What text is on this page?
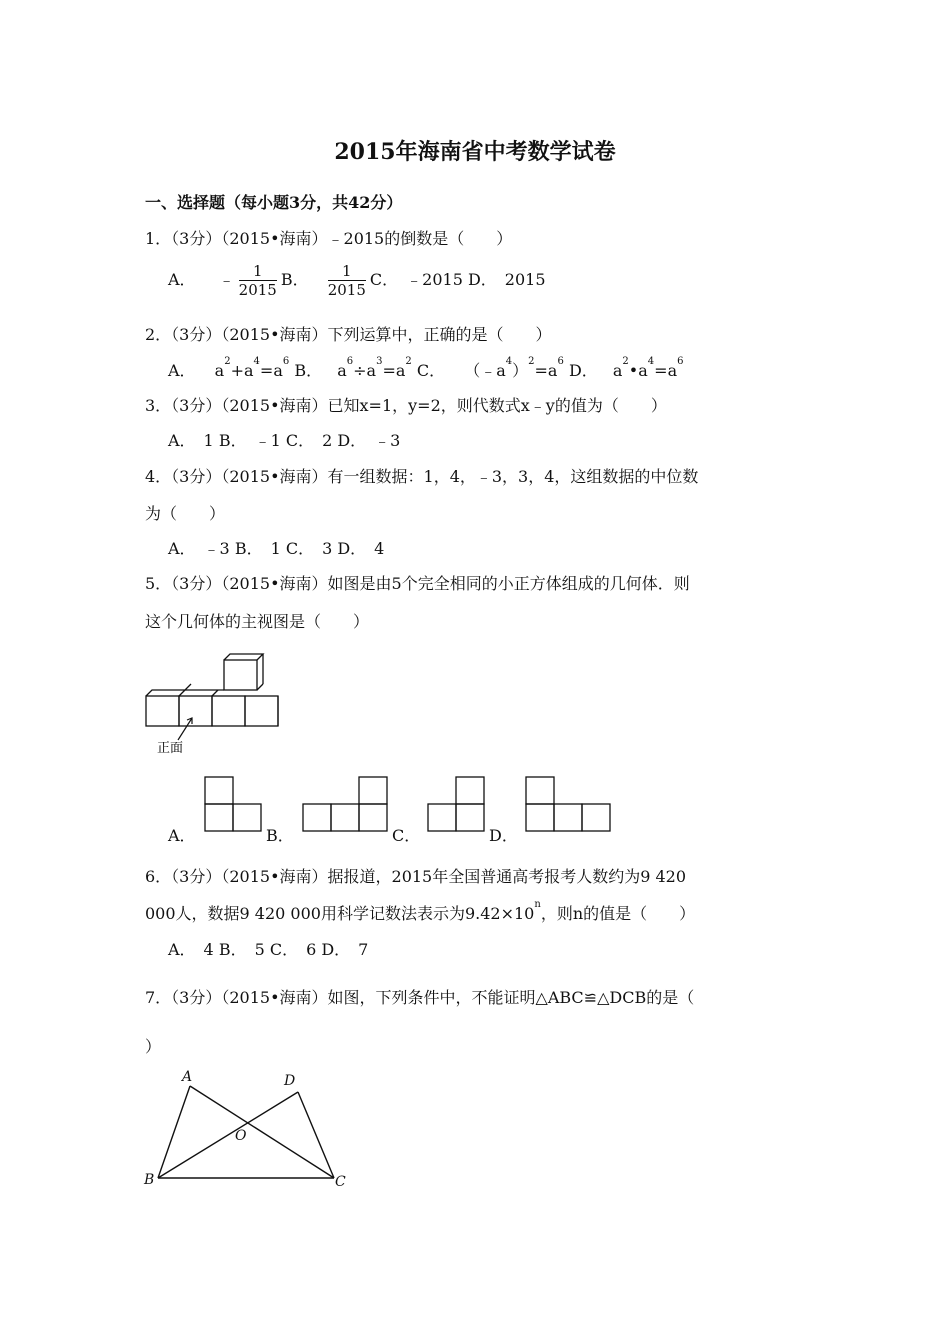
2015年海南省中考数学试卷
一、选择题（每小题3分，共42分）
1．（3分）（2015•海南）﹣2015的倒数是（　　）
A． ﹣ $\frac{1}{2015}$ B． $\frac{1}{2015}$ C．　﹣2015 D．　2015
2．（3分）（2015•海南）下列运算中，正确的是（　　）
A． $a^2+a^4=a^6$ B． $a^6\div a^3=a^2$ C． $(﹣a^4)^2=a^6$ D． $a^2•a^4=a^6$
3．（3分）（2015•海南）已知x=1，y=2，则代数式x﹣y的值为（　　）
A．　1 B．　﹣1 C．　2 D．　﹣3
4．（3分）（2015•海南）有一组数据：1，4，﹣3，3，4，这组数据的中位数
为（　　）
A．　﹣3 B．　1 C．　3 D．　4
5．（3分）（2015•海南）如图是由5个完全相同的小正方体组成的几何体．则
这个几何体的主视图是（　　）
正面
A．	B．	C．	D．
6．（3分）（2015•海南）据报道，2015年全国普通高考报考人数约为9 420
000人，数据9 420 000用科学记数法表示为$9.42\times 10^n$，则n的值是（　　）
A．　4 B．　5 C．　6 D．　7
7．（3分）（2015•海南）如图，下列条件中，不能证明△ABC≌△DCB的是（
）
A
B	C
D
O
